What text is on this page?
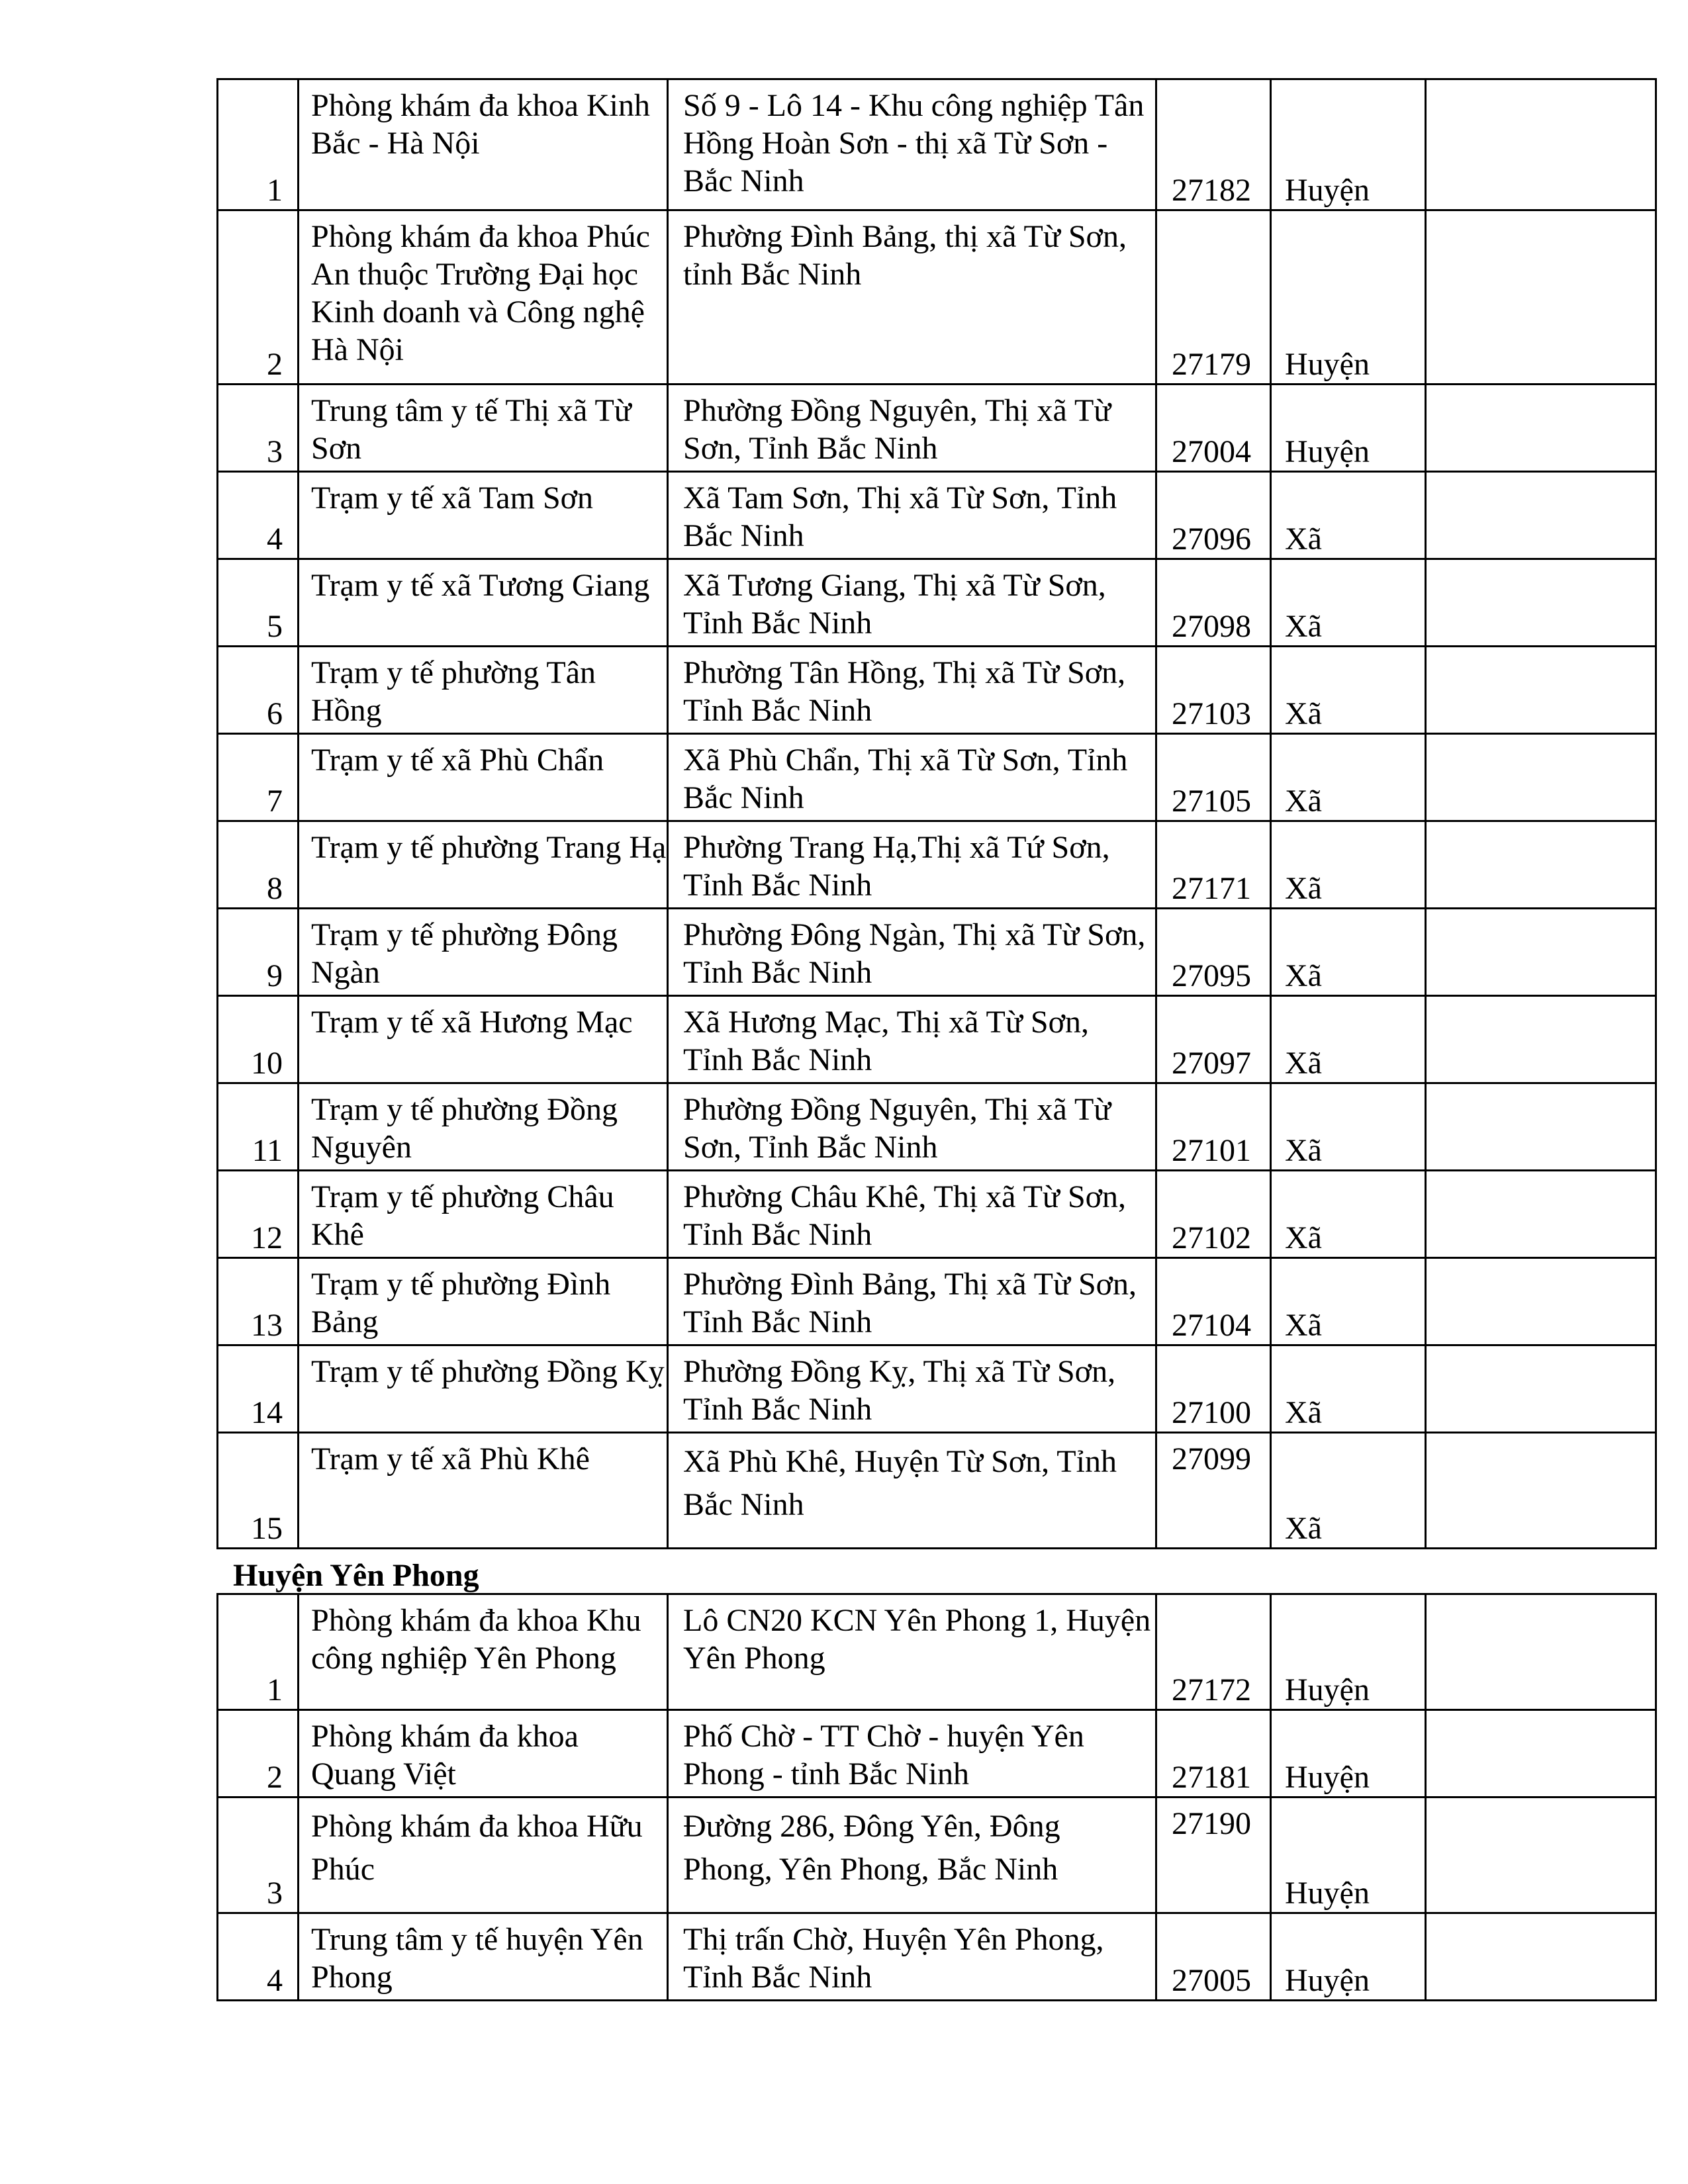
1	Phòng khám đa khoa Kinh Bắc - Hà Nội	Số 9 - Lô 14 - Khu công nghiệp Tân Hồng Hoàn Sơn - thị xã Từ Sơn - Bắc Ninh	27182	Huyện	
2	Phòng khám đa khoa Phúc An thuộc Trường Đại học Kinh doanh và Công nghệ Hà Nội	Phường Đình Bảng, thị xã Từ Sơn, tỉnh Bắc Ninh	27179	Huyện	
3	Trung tâm y tế Thị xã Từ Sơn	Phường Đồng Nguyên, Thị xã Từ Sơn, Tỉnh Bắc Ninh	27004	Huyện	
4	Trạm y tế xã Tam Sơn	Xã Tam Sơn, Thị xã Từ Sơn, Tỉnh Bắc Ninh	27096	Xã	
5	Trạm y tế xã Tương Giang	Xã Tương Giang, Thị xã Từ Sơn, Tỉnh Bắc Ninh	27098	Xã	
6	Trạm y tế phường Tân Hồng	Phường Tân Hồng, Thị xã Từ Sơn, Tỉnh Bắc Ninh	27103	Xã	
7	Trạm y tế xã Phù Chẩn	Xã Phù Chẩn, Thị xã Từ Sơn, Tỉnh Bắc Ninh	27105	Xã	
8	Trạm y tế phường Trang Hạ	Phường Trang Hạ,Thị xã Tứ Sơn, Tỉnh Bắc Ninh	27171	Xã	
9	Trạm y tế phường Đông Ngàn	Phường Đông Ngàn, Thị xã Từ Sơn, Tỉnh Bắc Ninh	27095	Xã	
10	Trạm y tế xã Hương Mạc	Xã Hương Mạc, Thị xã Từ Sơn, Tỉnh Bắc Ninh	27097	Xã	
11	Trạm y tế phường Đồng Nguyên	Phường Đồng Nguyên, Thị xã Từ Sơn, Tỉnh Bắc Ninh	27101	Xã	
12	Trạm y tế phường Châu Khê	Phường Châu Khê, Thị xã Từ Sơn, Tỉnh Bắc Ninh	27102	Xã	
13	Trạm y tế phường Đình Bảng	Phường Đình Bảng, Thị xã Từ Sơn, Tỉnh Bắc Ninh	27104	Xã	
14	Trạm y tế phường Đồng Kỵ	Phường Đồng Kỵ, Thị xã Từ Sơn, Tỉnh Bắc Ninh	27100	Xã	
15	Trạm y tế xã Phù Khê	Xã Phù Khê, Huyện Từ Sơn, Tỉnh Bắc Ninh	27099	Xã	
Huyện Yên Phong
1	Phòng khám đa khoa Khu công nghiệp Yên Phong	Lô CN20 KCN Yên Phong 1, Huyện Yên Phong	27172	Huyện	
2	Phòng khám đa khoa Quang Việt	Phố Chờ - TT Chờ - huyện Yên Phong - tỉnh Bắc Ninh	27181	Huyện	
3	Phòng khám đa khoa Hữu Phúc	Đường 286, Đông Yên, Đông Phong, Yên Phong, Bắc Ninh	27190	Huyện	
4	Trung tâm y tế huyện Yên Phong	Thị trấn Chờ, Huyện Yên Phong, Tỉnh Bắc Ninh	27005	Huyện	
